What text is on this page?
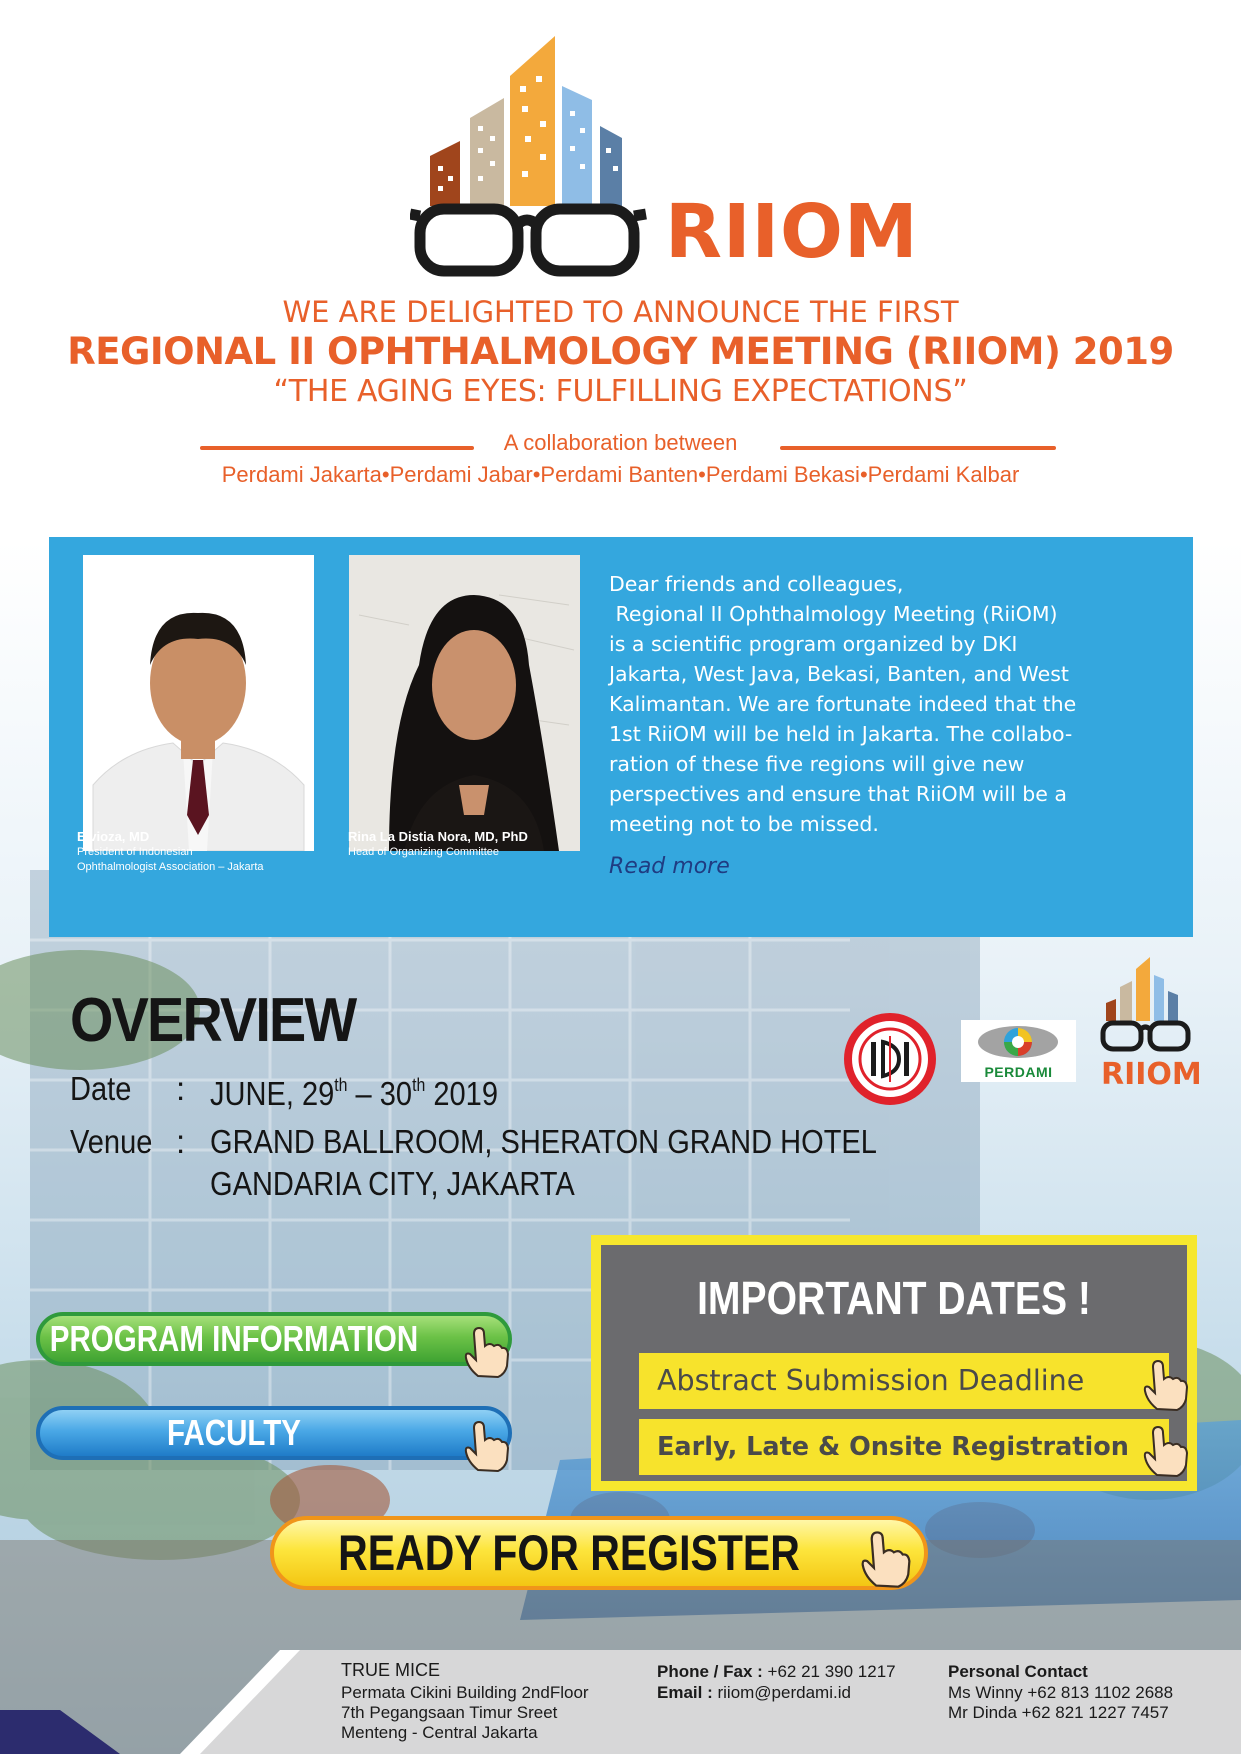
RIIOM
WE ARE DELIGHTED TO ANNOUNCE THE FIRST
REGIONAL II OPHTHALMOLOGY MEETING (RIIOM) 2019
“THE AGING EYES: FULFILLING EXPECTATIONS”
A collaboration between
Perdami Jakarta•Perdami Jabar•Perdami Banten•Perdami Bekasi•Perdami Kalbar
Elvioza, MD
President of Indonesian
Ophthalmologist Association – Jakarta
Rina La Distia Nora, MD, PhD
Head of Organizing Committee

Dear friends and colleagues,

Regional II Ophthalmology Meeting (RiiOM)

is a scientific program organized by DKI

Jakarta, West Java, Bekasi, Banten, and West

Kalimantan. We are fortunate indeed that the

1st RiiOM will be held in Jakarta. The collabo-

ration of these five regions will give new

perspectives and ensure that RiiOM will be a

meeting not to be missed.

Read more
OVERVIEW
Date : JUNE, 29th – 30th 2019
Venue : GRAND BALLROOM, SHERATON GRAND HOTEL
GANDARIA CITY, JAKARTA
PERDAMI	RIIOM
PROGRAM INFORMATION
FACULTY
IMPORTANT DATES !
Abstract Submission Deadline
Early, Late & Onsite Registration
READY FOR REGISTER
TRUE MICE
Permata Cikini Building 2ndFloor
7th Pegangsaan Timur Sreet
Menteng - Central Jakarta
Phone / Fax : +62 21 390 1217
Email : riiom@perdami.id
Personal Contact
Ms Winny +62 813 1102 2688
Mr Dinda +62 821 1227 7457
